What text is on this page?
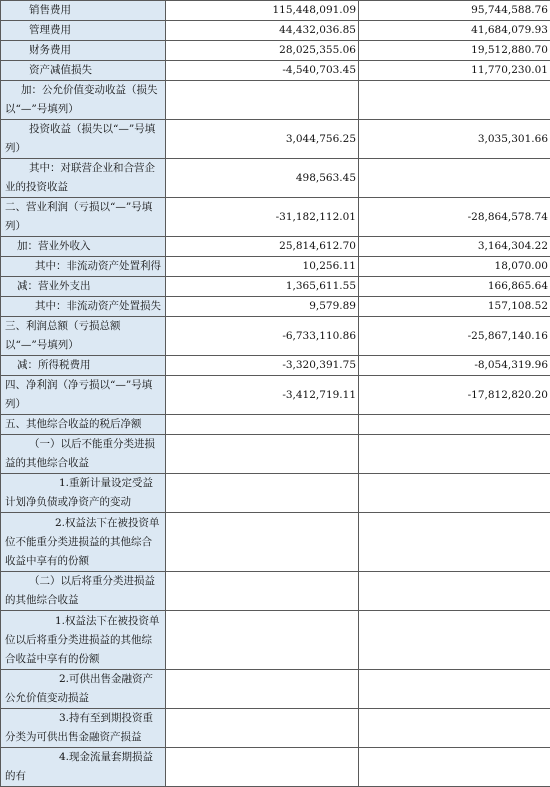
销售费用	115,448,091.09	95,744,588.76
管理费用	44,432,036.85	41,684,079.93
财务费用	28,025,355.06	19,512,880.70
资产减值损失	-4,540,703.45	11,770,230.01
加：公允价值变动收益（损失以“—”号填列）		
投资收益（损失以“—”号填列）	3,044,756.25	3,035,301.66
其中：对联营企业和合营企业的投资收益	498,563.45	
二、营业利润（亏损以“—”号填列）	-31,182,112.01	-28,864,578.74
加：营业外收入	25,814,612.70	3,164,304.22
其中：非流动资产处置利得	10,256.11	18,070.00
减：营业外支出	1,365,611.55	166,865.64
其中：非流动资产处置损失	9,579.89	157,108.52
三、利润总额（亏损总额以“—”号填列）	-6,733,110.86	-25,867,140.16
减：所得税费用	-3,320,391.75	-8,054,319.96
四、净利润（净亏损以“—”号填列）	-3,412,719.11	-17,812,820.20
五、其他综合收益的税后净额		
（一）以后不能重分类进损益的其他综合收益		
1.重新计量设定受益计划净负债或净资产的变动		
2.权益法下在被投资单位不能重分类进损益的其他综合收益中享有的份额		
（二）以后将重分类进损益的其他综合收益		
1.权益法下在被投资单位以后将重分类进损益的其他综合收益中享有的份额		
2.可供出售金融资产公允价值变动损益		
3.持有至到期投资重分类为可供出售金融资产损益		
4.现金流量套期损益的有		
